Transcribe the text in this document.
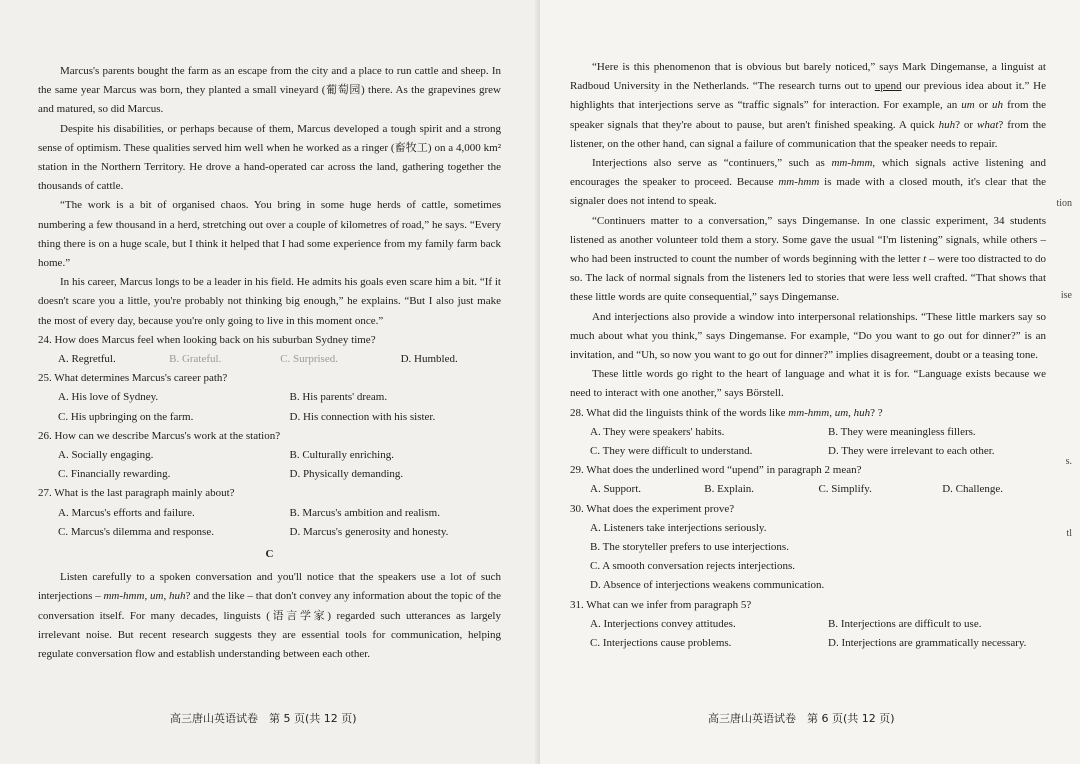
Marcus's parents bought the farm as an escape from the city and a place to run cattle and sheep. In the same year Marcus was born, they planted a small vineyard (葡萄园) there. As the grapevines grew and matured, so did Marcus.

Despite his disabilities, or perhaps because of them, Marcus developed a tough spirit and a strong sense of optimism. These qualities served him well when he worked as a ringer (畜牧工) on a 4,000 km² station in the Northern Territory. He drove a hand-operated car across the land, gathering together the thousands of cattle.

“The work is a bit of organised chaos. You bring in some huge herds of cattle, sometimes numbering a few thousand in a herd, stretching out over a couple of kilometres of road,” he says. “Every thing there is on a huge scale, but I think it helped that I had some experience from my family farm back home.”

In his career, Marcus longs to be a leader in his field. He admits his goals even scare him a bit. “If it doesn't scare you a little, you're probably not thinking big enough,” he explains. “But I also just make the most of every day, because you're only going to live in this moment once.”

24. How does Marcus feel when looking back on his suburban Sydney time?
A. Regretful.	B. Grateful.	C. Surprised.	D. Humbled.
25. What determines Marcus's career path?
A. His love of Sydney.	B. His parents' dream.
C. His upbringing on the farm.	D. His connection with his sister.
26. How can we describe Marcus's work at the station?
A. Socially engaging.	B. Culturally enriching.
C. Financially rewarding.	D. Physically demanding.
27. What is the last paragraph mainly about?
A. Marcus's efforts and failure.	B. Marcus's ambition and realism.
C. Marcus's dilemma and response.	D. Marcus's generosity and honesty.
C

Listen carefully to a spoken conversation and you'll notice that the speakers use a lot of such interjections – mm-hmm, um, huh? and the like – that don't convey any information about the topic of the conversation itself. For many decades, linguists (语言学家) regarded such utterances as largely irrelevant noise. But recent research suggests they are essential tools for communication, helping regulate conversation flow and establish understanding between each other.

高三唐山英语试卷　第 5 页(共 12 页)

“Here is this phenomenon that is obvious but barely noticed,” says Mark Dingemanse, a linguist at Radboud University in the Netherlands. “The research turns out to upend our previous idea about it.” He highlights that interjections serve as “traffic signals” for interaction. For example, an um or uh from the speaker signals that they're about to pause, but aren't finished speaking. A quick huh? or what? from the listener, on the other hand, can signal a failure of communication that the speaker needs to repair.

Interjections also serve as “continuers,” such as mm-hmm, which signals active listening and encourages the speaker to proceed. Because mm-hmm is made with a closed mouth, it's clear that the signaler does not intend to speak.

“Continuers matter to a conversation,” says Dingemanse. In one classic experiment, 34 students listened as another volunteer told them a story. Some gave the usual “I'm listening” signals, while others – who had been instructed to count the number of words beginning with the letter t – were too distracted to do so. The lack of normal signals from the listeners led to stories that were less well crafted. “That shows that these little words are quite consequential,” says Dingemanse.

And interjections also provide a window into interpersonal relationships. “These little markers say so much about what you think,” says Dingemanse. For example, “Do you want to go out for dinner?” is an invitation, and “Uh, so now you want to go out for dinner?” implies disagreement, doubt or a teasing tone.

These little words go right to the heart of language and what it is for. “Language exists because we need to interact with one another,” says Börstell.

28. What did the linguists think of the words like mm-hmm, um, huh? ?
A. They were speakers' habits.	B. They were meaningless fillers.
C. They were difficult to understand.	D. They were irrelevant to each other.
29. What does the underlined word “upend” in paragraph 2 mean?
A. Support.	B. Explain.	C. Simplify.	D. Challenge.
30. What does the experiment prove?
A. Listeners take interjections seriously.
B. The storyteller prefers to use interjections.
C. A smooth conversation rejects interjections.
D. Absence of interjections weakens communication.
31. What can we infer from paragraph 5?
A. Interjections convey attitudes.	B. Interjections are difficult to use.
C. Interjections cause problems.	D. Interjections are grammatically necessary.
高三唐山英语试卷　第 6 页(共 12 页)
tion
ise
s.
tl
